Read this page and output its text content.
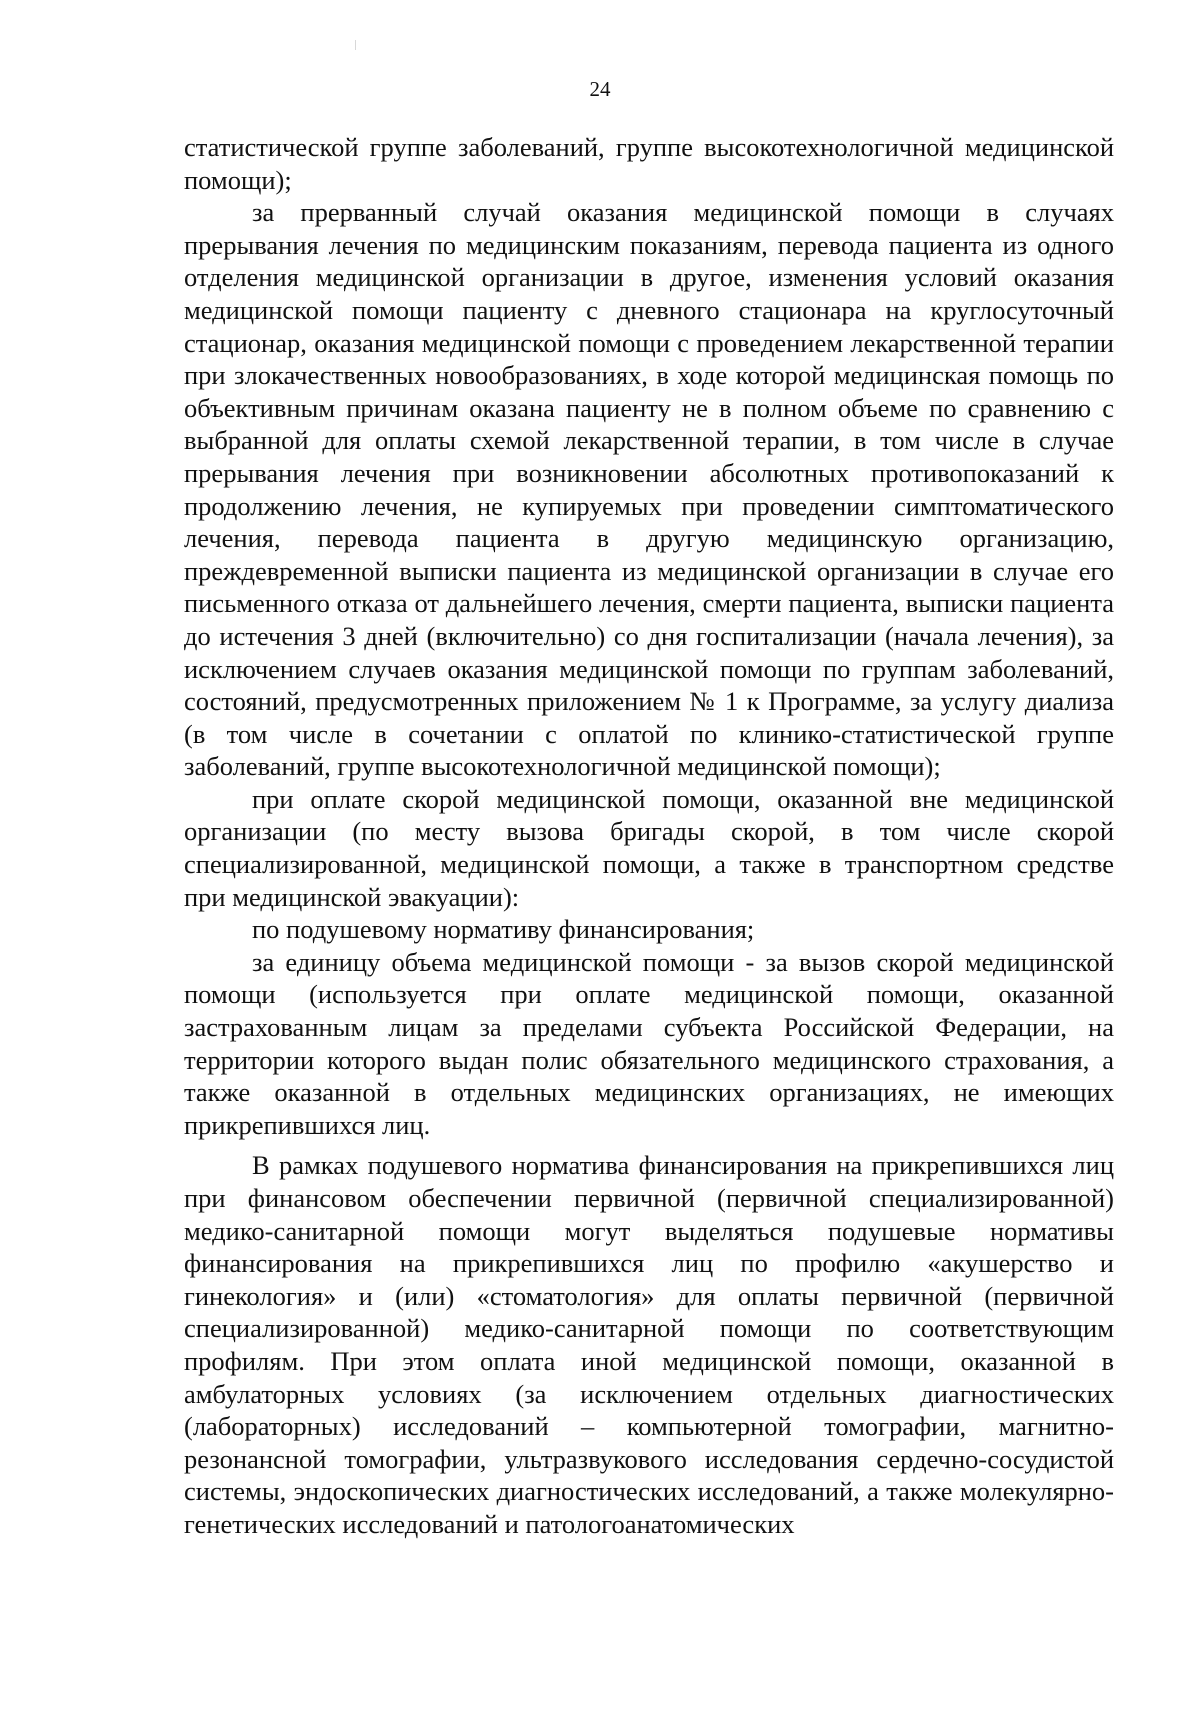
24

статистической группе заболеваний, группе высокотехнологичной медицинской помощи);

за прерванный случай оказания медицинской помощи в случаях прерывания лечения по медицинским показаниям, перевода пациента из одного отделения медицинской организации в другое, изменения условий оказания медицинской помощи пациенту с дневного стационара на круглосуточный стационар, оказания медицинской помощи с проведением лекарственной терапии при злокачественных новообразованиях, в ходе которой медицинская помощь по объективным причинам оказана пациенту не в полном объеме по сравнению с выбранной для оплаты схемой лекарственной терапии, в том числе в случае прерывания лечения при возникновении абсолютных противопоказаний к продолжению лечения, не купируемых при проведении симптоматического лечения, перевода пациента в другую медицинскую организацию, преждевременной выписки пациента из медицинской организации в случае его письменного отказа от дальнейшего лечения, смерти пациента, выписки пациента до истечения 3 дней (включительно) со дня госпитализации (начала лечения), за исключением случаев оказания медицинской помощи по группам заболеваний, состояний, предусмотренных приложением № 1 к Программе, за услугу диализа (в том числе в сочетании с оплатой по клинико-статистической группе заболеваний, группе высокотехнологичной медицинской помощи);

при оплате скорой медицинской помощи, оказанной вне медицинской организации (по месту вызова бригады скорой, в том числе скорой специализированной, медицинской помощи, а также в транспортном средстве при медицинской эвакуации):

по подушевому нормативу финансирования;

за единицу объема медицинской помощи - за вызов скорой медицинской помощи (используется при оплате медицинской помощи, оказанной застрахованным лицам за пределами субъекта Российской Федерации, на территории которого выдан полис обязательного медицинского страхования, а также оказанной в отдельных медицинских организациях, не имеющих прикрепившихся лиц.

В рамках подушевого норматива финансирования на прикрепившихся лиц при финансовом обеспечении первичной (первичной специализированной) медико-санитарной помощи могут выделяться подушевые нормативы финансирования на прикрепившихся лиц по профилю «акушерство и гинекология» и (или) «стоматология» для оплаты первичной (первичной специализированной) медико-санитарной помощи по соответствующим профилям. При этом оплата иной медицинской помощи, оказанной в амбулаторных условиях (за исключением отдельных диагностических (лабораторных) исследований – компьютерной томографии, магнитно-резонансной томографии, ультразвукового исследования сердечно-сосудистой системы, эндоскопических диагностических исследований, а также молекулярно-генетических исследований и патологоанатомических
